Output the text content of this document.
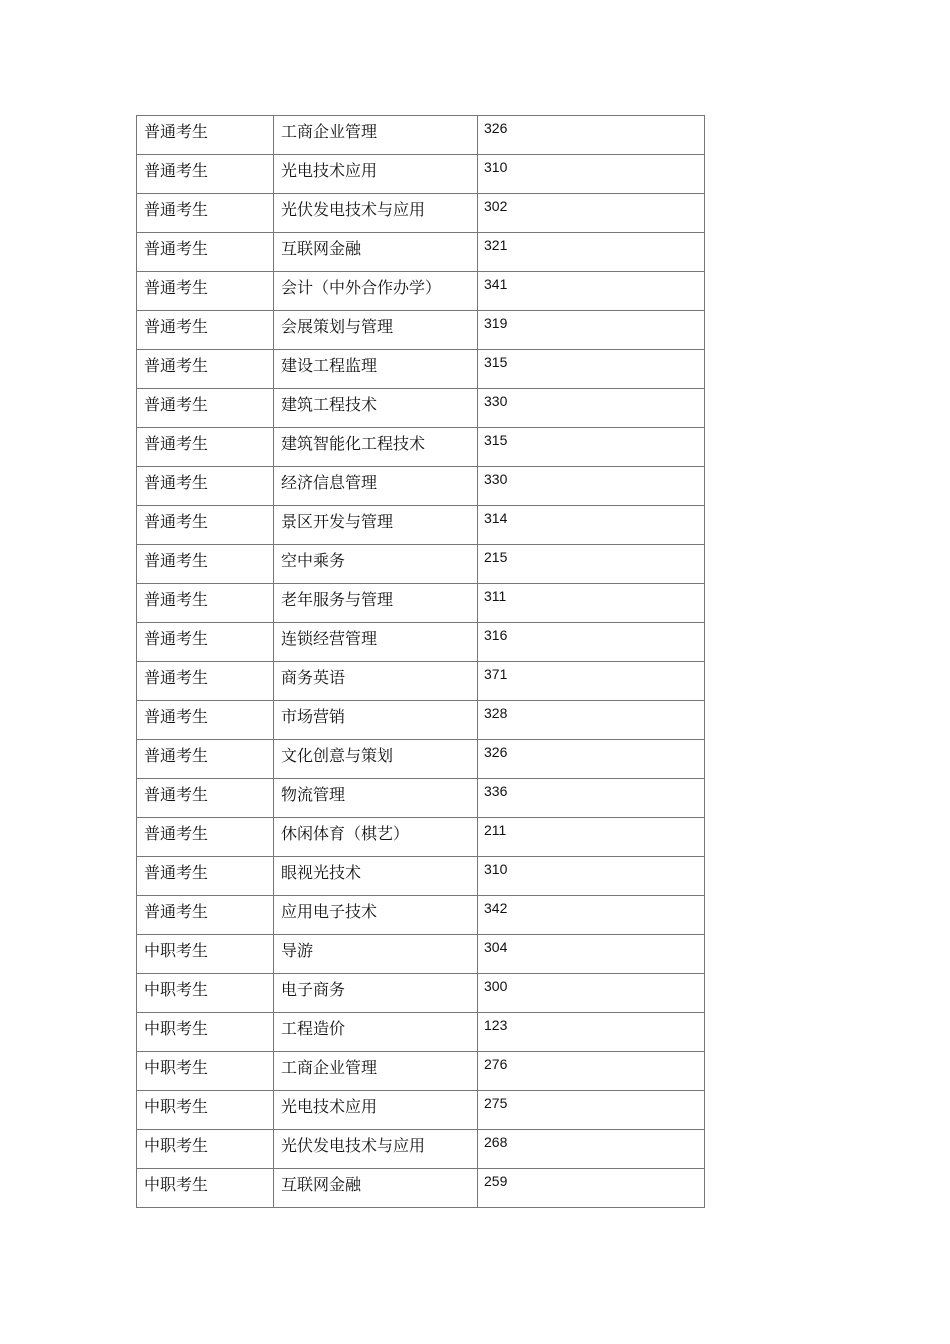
普通考生	工商企业管理	326

普通考生	光电技术应用	310

普通考生	光伏发电技术与应用	302

普通考生	互联网金融	321

普通考生	会计（中外合作办学）	341

普通考生	会展策划与管理	319

普通考生	建设工程监理	315

普通考生	建筑工程技术	330

普通考生	建筑智能化工程技术	315

普通考生	经济信息管理	330

普通考生	景区开发与管理	314

普通考生	空中乘务	215

普通考生	老年服务与管理	311

普通考生	连锁经营管理	316

普通考生	商务英语	371

普通考生	市场营销	328

普通考生	文化创意与策划	326

普通考生	物流管理	336

普通考生	休闲体育（棋艺）	211

普通考生	眼视光技术	310

普通考生	应用电子技术	342

中职考生	导游	304

中职考生	电子商务	300

中职考生	工程造价	123

中职考生	工商企业管理	276

中职考生	光电技术应用	275

中职考生	光伏发电技术与应用	268

中职考生	互联网金融	259
